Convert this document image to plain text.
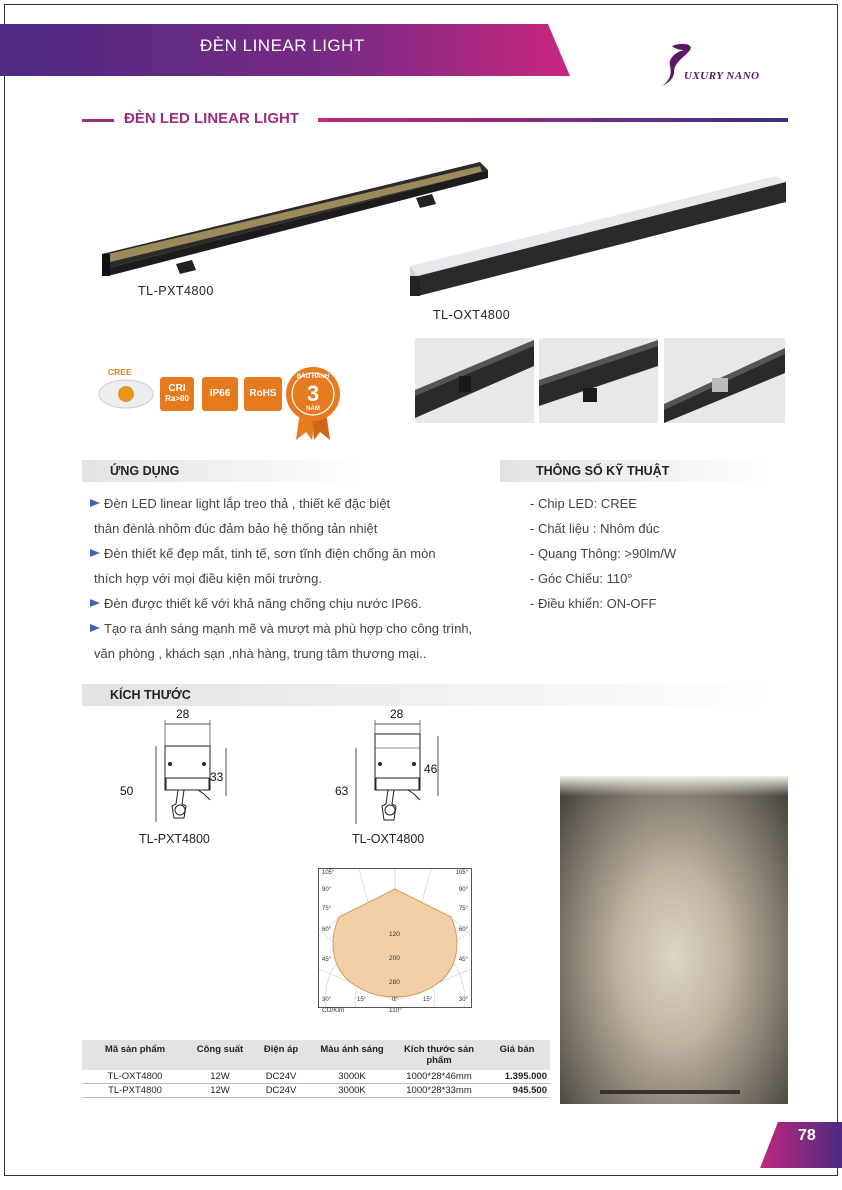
ĐÈN LINEAR LIGHT
UXURY NANO
ĐÈN LED LINEAR LIGHT
TL-PXT4800
TL-OXT4800
CREE
CRI
Ra>80	IP66	RoHS
BẢO HÀNH
3
NĂM
ỨNG DỤNG	THÔNG SỐ KỸ THUẬT
Đèn LED linear light lắp treo thả , thiết kế đặc biệt
thân đènlà nhôm đúc đảm bảo hệ thống tản nhiệt
Đèn thiết kế đẹp mắt, tinh tế, sơn tĩnh điện chống ăn mòn
thích hợp với mọi điều kiện môi trường.
Đèn được thiết kế với khả năng chống chịu nước IP66.
Tạo ra ánh sáng mạnh mẽ và mượt mà phù hợp cho công trình,
văn phòng , khách sạn ,nhà hàng, trung tâm thương mại..
- Chip LED: CREE
- Chất liệu : Nhôm đúc
- Quang Thông: >90lm/W
- Góc Chiếu: 110°
- Điều khiển: ON-OFF
KÍCH THƯỚC
28
50
33
TL-PXT4800
28
63
46
TL-OXT4800
105°	105°
90°
75°
60°
45°
90°
75°
60°
45°
120
200
280
30°	15°	0°	15°	30°
CD/Klm	110°
Mã sản phẩm	Công suất	Điện áp	Màu ánh sáng	Kích thước sản phẩm	Giá bán
TL-OXT4800	12W	DC24V	3000K	1000*28*46mm	1.395.000
TL-PXT4800	12W	DC24V	3000K	1000*28*33mm	945.500
78
